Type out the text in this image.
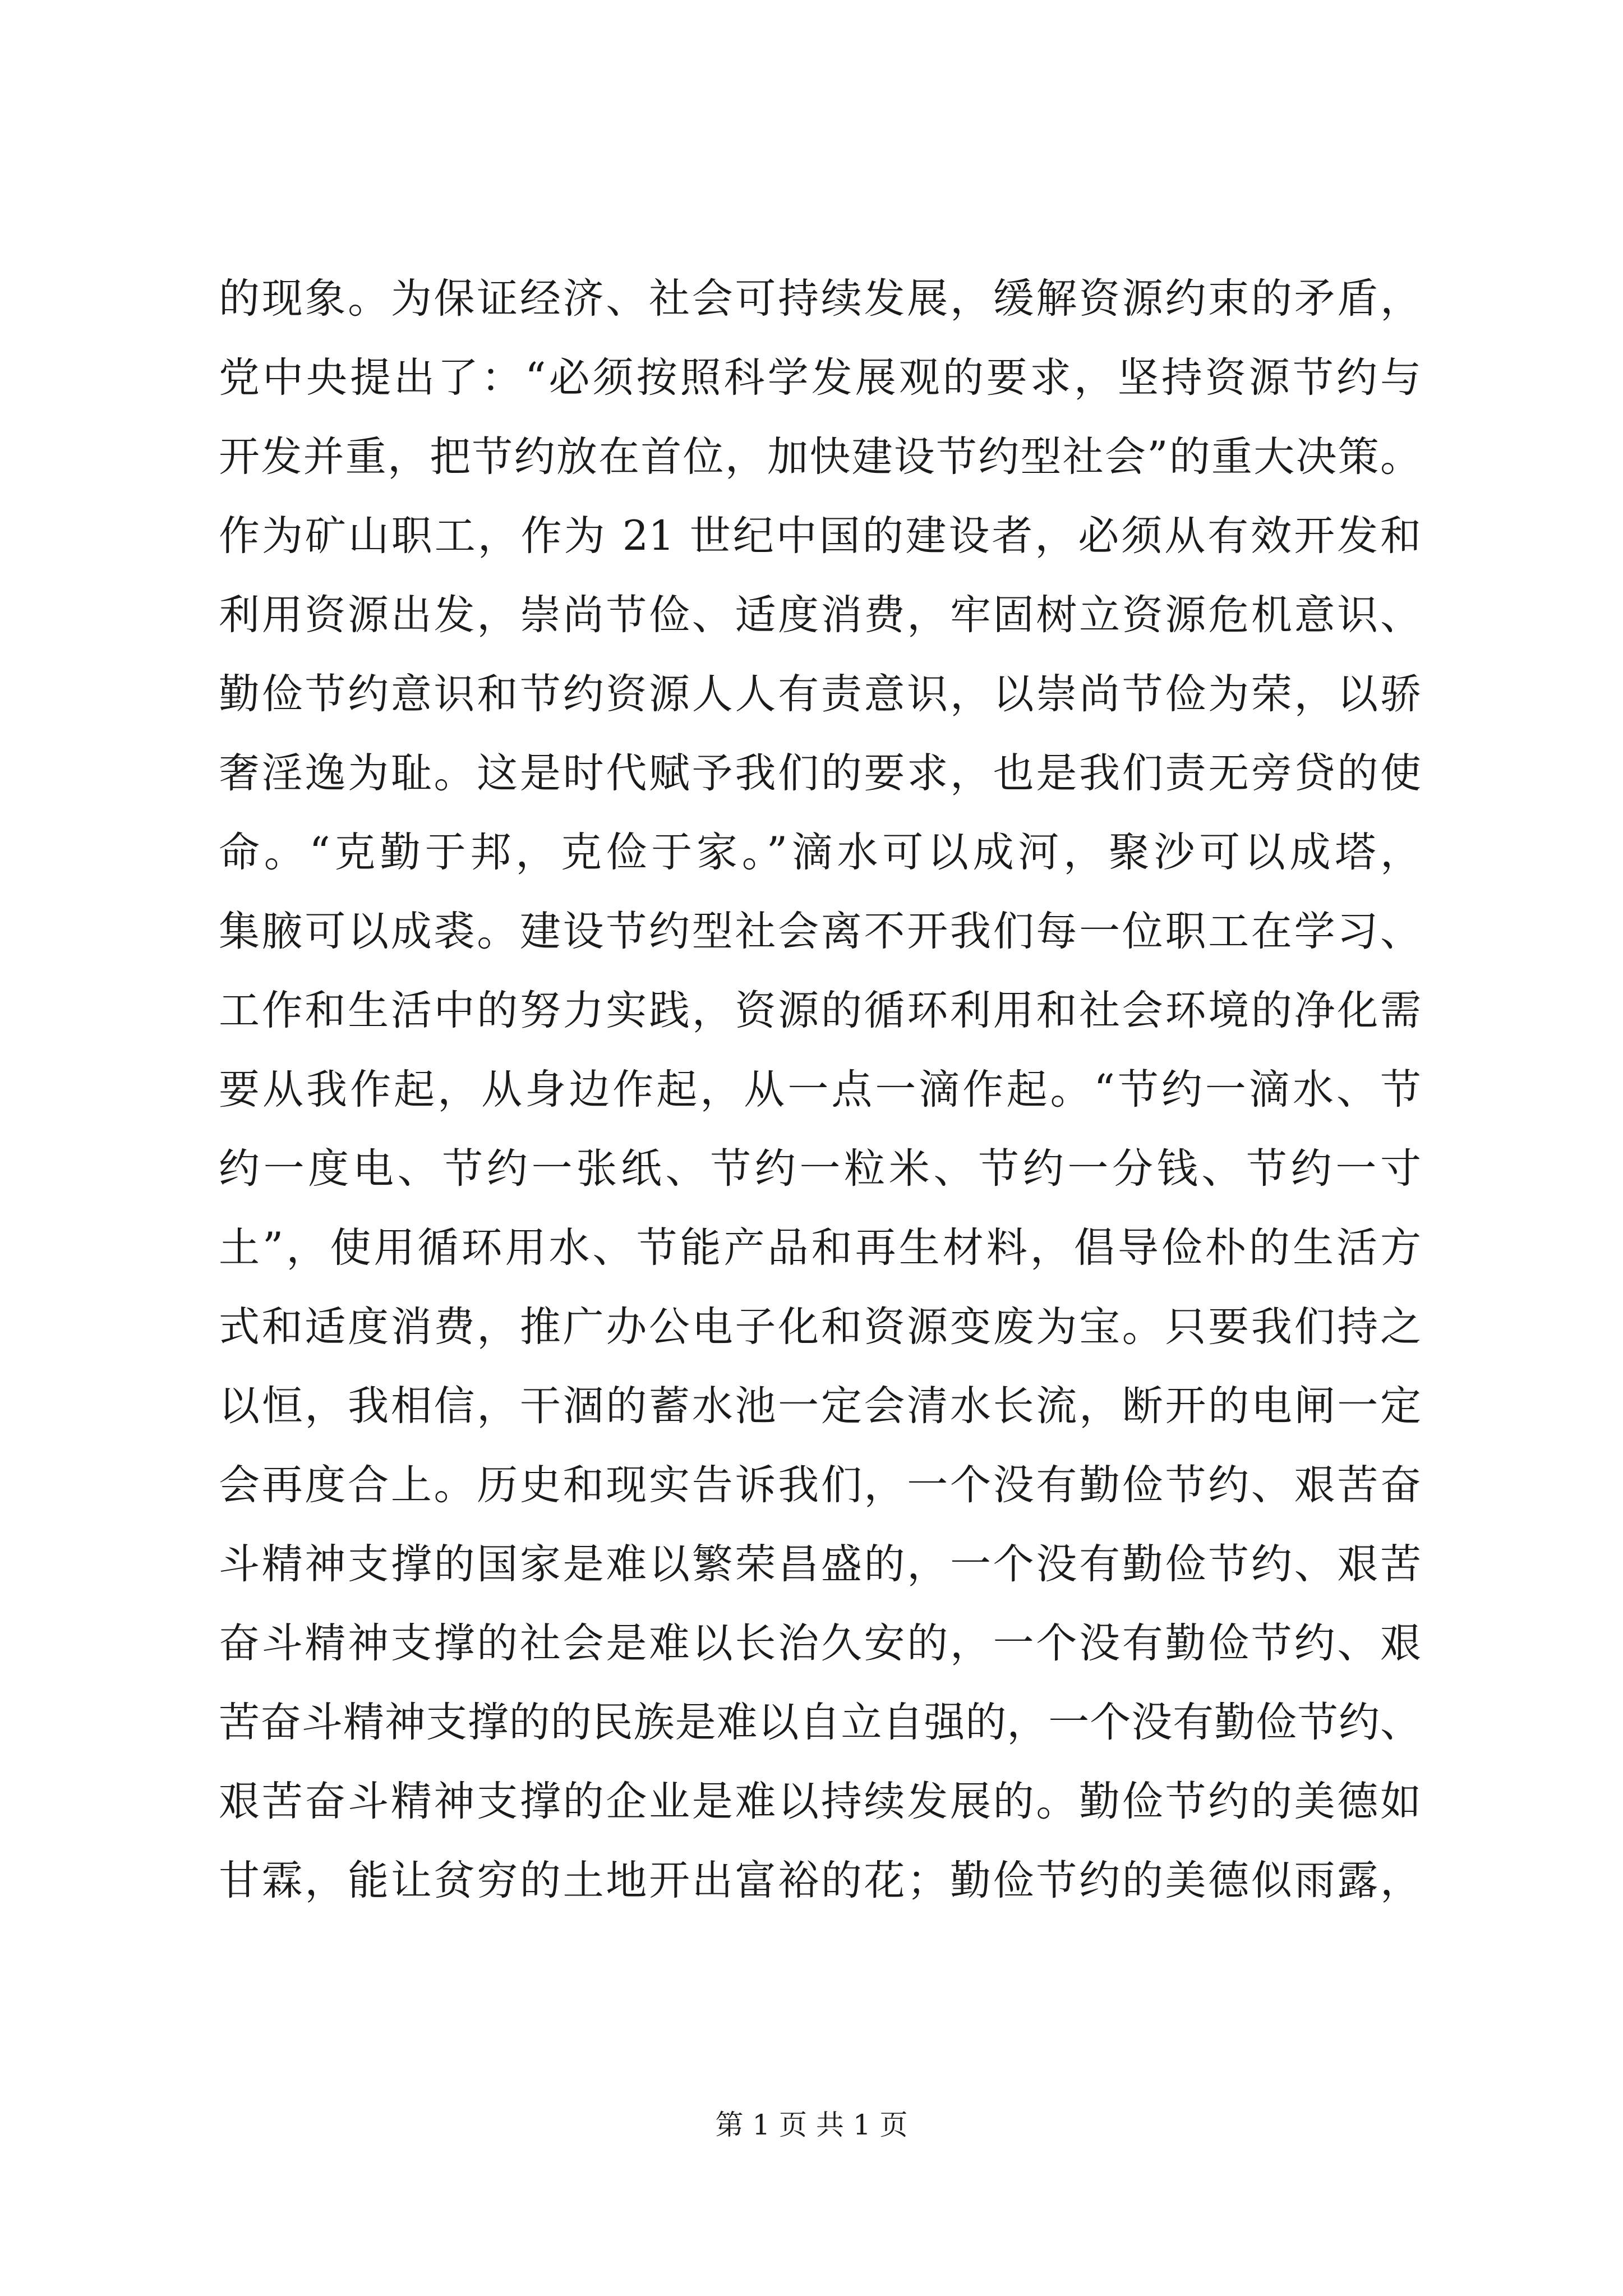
的现象。为保证经济、社会可持续发展，缓解资源约束的矛盾，
党中央提出了：“必须按照科学发展观的要求，坚持资源节约与
开发并重，把节约放在首位，加快建设节约型社会”的重大决策。
作为矿山职工，作为 21 世纪中国的建设者，必须从有效开发和
利用资源出发，崇尚节俭、适度消费，牢固树立资源危机意识、
勤俭节约意识和节约资源人人有责意识，以崇尚节俭为荣，以骄
奢淫逸为耻。这是时代赋予我们的要求，也是我们责无旁贷的使
命。“克勤于邦，克俭于家。”滴水可以成河，聚沙可以成塔，
集腋可以成裘。建设节约型社会离不开我们每一位职工在学习、
工作和生活中的努力实践，资源的循环利用和社会环境的净化需
要从我作起，从身边作起，从一点一滴作起。“节约一滴水、节
约一度电、节约一张纸、节约一粒米、节约一分钱、节约一寸
土”，使用循环用水、节能产品和再生材料，倡导俭朴的生活方
式和适度消费，推广办公电子化和资源变废为宝。只要我们持之
以恒，我相信，干涸的蓄水池一定会清水长流，断开的电闸一定
会再度合上。历史和现实告诉我们，一个没有勤俭节约、艰苦奋
斗精神支撑的国家是难以繁荣昌盛的，一个没有勤俭节约、艰苦
奋斗精神支撑的社会是难以长治久安的，一个没有勤俭节约、艰
苦奋斗精神支撑的的民族是难以自立自强的，一个没有勤俭节约、
艰苦奋斗精神支撑的企业是难以持续发展的。勤俭节约的美德如
甘霖，能让贫穷的土地开出富裕的花；勤俭节约的美德似雨露，
第 1 页 共 1 页
